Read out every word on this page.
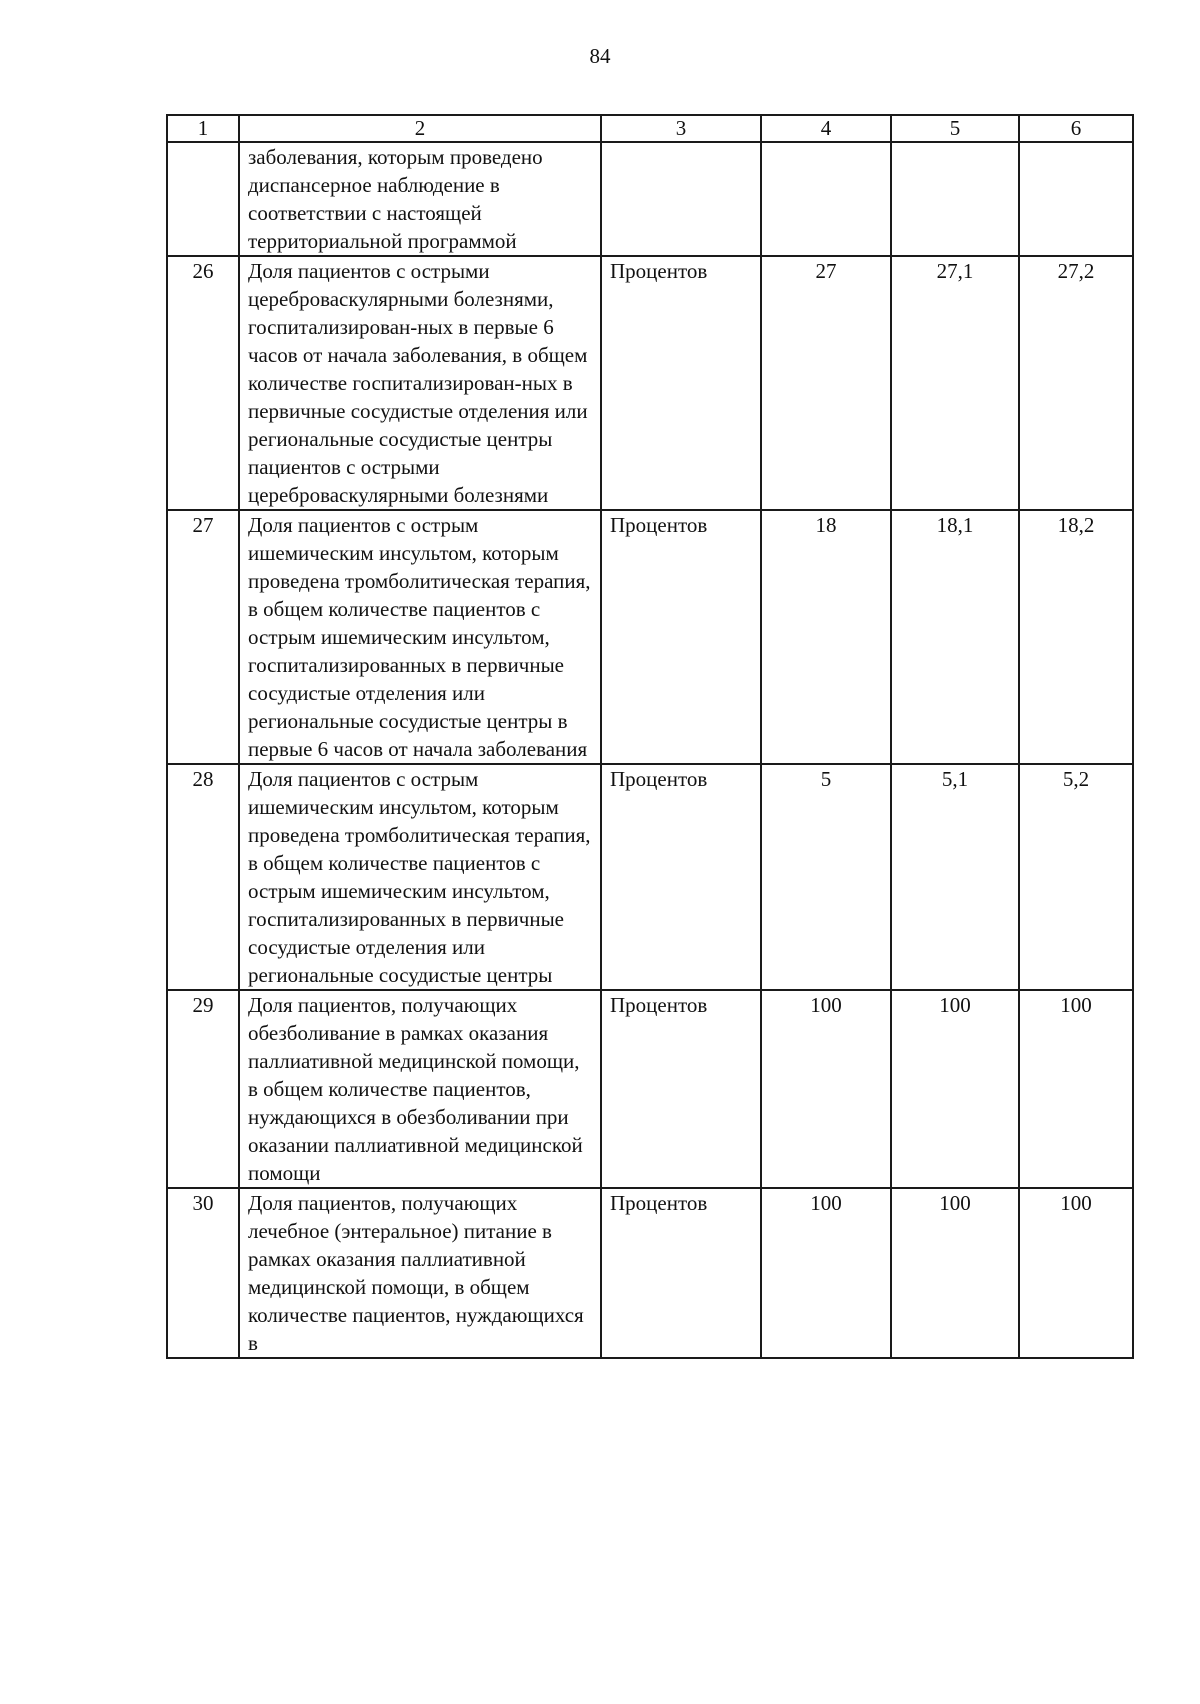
84
1	2	3	4	5	6
	заболевания, которым проведено диспансерное наблюдение в соответствии с настоящей территориальной программой				
26	Доля пациентов с острыми цереброваскулярными болезнями, госпитализирован-ных в первые 6 часов от начала заболевания, в общем количестве госпитализирован-ных в первичные сосудистые отделения или региональные сосудистые центры пациентов с острыми цереброваскулярными болезнями	Процентов	27	27,1	27,2
27	Доля пациентов с острым ишемическим инсультом, которым проведена тромболитическая терапия, в общем количестве пациентов с острым ишемическим инсультом, госпитализированных в первичные сосудистые отделения или региональные сосудистые центры в первые 6 часов от начала заболевания	Процентов	18	18,1	18,2
28	Доля пациентов с острым ишемическим инсультом, которым проведена тромболитическая терапия, в общем количестве пациентов с острым ишемическим инсультом, госпитализированных в первичные сосудистые отделения или региональные сосудистые центры	Процентов	5	5,1	5,2
29	Доля пациентов, получающих обезболивание в рамках оказания паллиативной медицинской помощи, в общем количестве пациентов, нуждающихся в обезболивании при оказании паллиативной медицинской помощи	Процентов	100	100	100
30	Доля пациентов, получающих лечебное (энтеральное) питание в рамках оказания паллиативной медицинской помощи, в общем количестве пациентов, нуждающихся в	Процентов	100	100	100
